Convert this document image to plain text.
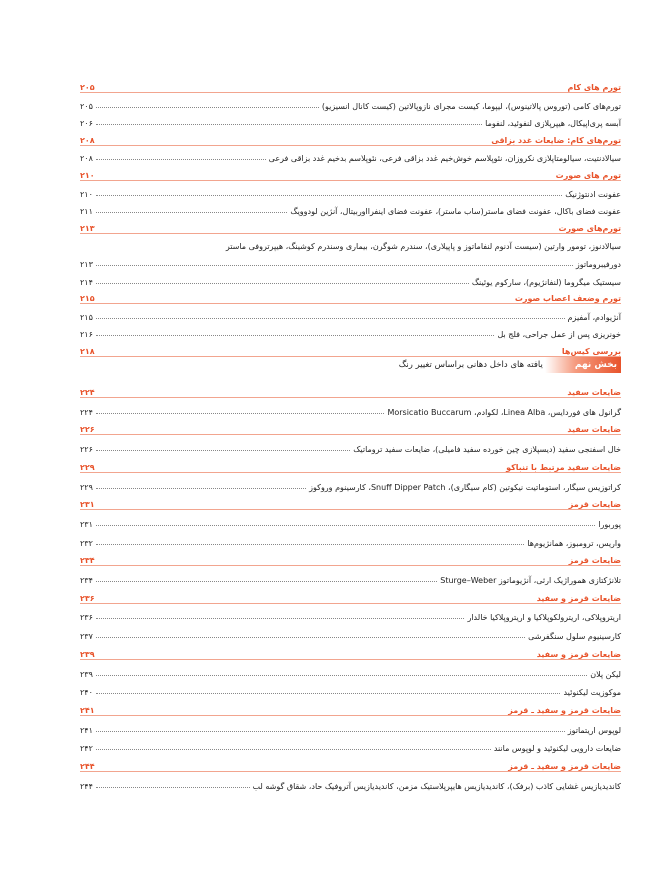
تورم های کام
۲۰۵
تورم‌های کامی (توروس پالاتینوس)، لیپوما، کیست مجرای نازوپالاتین (کیست کانال انسیزیو)
۲۰۵
آبسه پری‌اپیکال، هیپرپلازی لنفوئید، لنفوما
۲۰۶
تورم‌های کام: ضایعات غدد بزاقی
۲۰۸
سیالادنتیت، سیالومتاپلازی نکروزان، نئوپلاسم خوش‌خیم غدد بزاقی فرعی، نئوپلاسم بدخیم غدد بزاقی فرعی
۲۰۸
تورم های صورت
۲۱۰
عفونت ادنتوژنیک
۲۱۰
عفونت فضای باکال، عفونت فضای ماستر(ساب ماستر)، عفونت فضای اینفرااوربیتال، آنژین لودوویگ
۲۱۱
تورم‌های صورت
۲۱۳
سیالادنوز، تومور وارتین (سیست آدنوم لنفاماتوز و پاپیلاری)، سندرم شوگرن، بیماری وسندرم کوشینگ، هیپرتروفی ماستر
دورفیبروماتوز
۲۱۳
سیستیک میگروما (لنفانژیوم)، سارکوم یوئینگ
۲۱۴
تورم وضعف اعصاب صورت
۲۱۵
آنژیوادم، آمفیزم
۲۱۵
خونریزی پس از عمل جراحی، فلج بل
۲۱۶
بررسی کیس‌ها
۲۱۸
بخش نهم
یافته های داخل دهانی براساس تغییر رنگ
ضایعات سفید
۲۲۴
گرانول های فوردایس، Linea Alba، لکوادم، Morsicatio Buccarum
۲۲۴
ضایعات سفید
۲۲۶
خال اسفنجی سفید (دیسپلازی چین خورده سفید فامیلی)، ضایعات سفید تروماتیک
۲۲۶
ضایعات سفید مرتبط با تنباکو
۲۲۹
کراتوزیس سیگار، استوماتیت نیکوتین (کام سیگاری)، Snuff Dipper Patch، کارسینوم وروکوز
۲۲۹
ضایعات قرمز
۲۳۱
پوربورا
۲۳۱
واریس، ترومبوز، همانژیوم‌ها
۲۳۲
ضایعات قرمز
۲۳۴
تلانژکتازی هموراژیک ارثی، آنژیوماتوز Sturge–Weber
۲۳۴
ضایعات قرمز و سفید
۲۳۶
اریتروپلاکی، اریترولکوپلاکیا و اریتروپلاکیا خالدار
۲۳۶
کارسینیوم سلول سنگفرشی
۲۳۷
ضایعات قرمز و سفید
۲۳۹
لیکن پلان
۲۳۹
موکوزیت لیکنوئید
۲۴۰
ضایعات قرمز و سفید ـ قرمز
۲۴۱
لوپوس اریتماتوز
۲۴۱
ضایعات دارویی لیکنوئید و لوپوس مانند
۲۴۲
ضایعات قرمز و سفید ـ قرمز
۲۴۴
کاندیدیازیس غشایی کاذب (برفک)، کاندیدیازیس هایپرپلاستیک مزمن، کاندیدیازیس آتروفیک حاد، شقاق گوشه لب
۲۴۴
